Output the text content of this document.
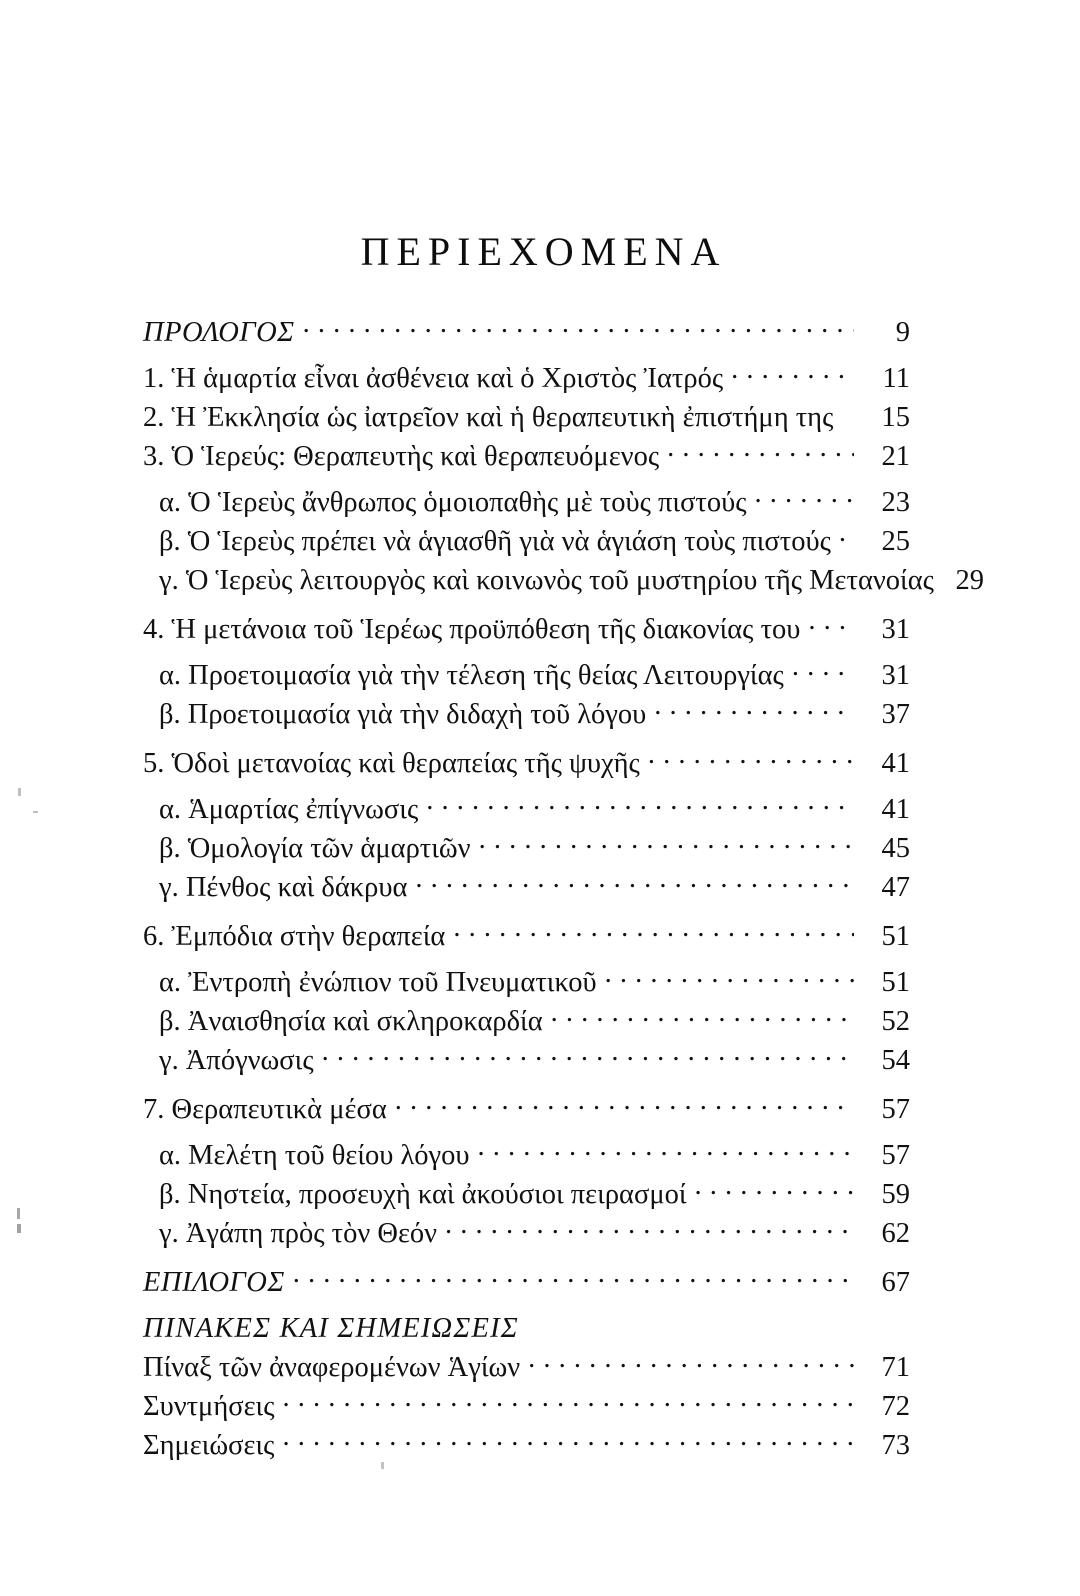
ΠΕΡΙΕΧΟΜΕΝΑ
ΠΡΟΛΟΓΟΣ . . .	9
1. Ἡ ἁμαρτία εἶναι ἀσθένεια καὶ ὁ Χριστὸς Ἰατρός . . .	11
2. Ἡ Ἐκκλησία ὡς ἰατρεῖον καὶ ἡ θεραπευτικὴ ἐπιστήμη της	15
3. Ὁ Ἱερεύς: Θεραπευτὴς καὶ θεραπευόμενος . . .	21
α. Ὁ Ἱερεὺς ἄνθρωπος ὁμοιοπαθὴς μὲ τοὺς πιστούς . . .	23
β. Ὁ Ἱερεὺς πρέπει νὰ ἁγιασθῆ γιὰ νὰ ἁγιάση τοὺς πιστούς . . .	25
γ. Ὁ Ἱερεὺς λειτουργὸς καὶ κοινωνὸς τοῦ μυστηρίου τῆς Μετανοίας 29
4. Ἡ μετάνοια τοῦ Ἱερέως προϋπόθεση τῆς διακονίας του . . .	31
α. Προετοιμασία γιὰ τὴν τέλεση τῆς θείας Λειτουργίας . . .	31
β. Προετοιμασία γιὰ τὴν διδαχὴ τοῦ λόγου . . .	37
5. Ὁδοὶ μετανοίας καὶ θεραπείας τῆς ψυχῆς . . .	41
α. Ἁμαρτίας ἐπίγνωσις . . .	41
β. Ὁμολογία τῶν ἁμαρτιῶν . . .	45
γ. Πένθος καὶ δάκρυα . . .	47
6. Ἐμπόδια στὴν θεραπεία . . .	51
α. Ἐντροπὴ ἐνώπιον τοῦ Πνευματικοῦ . . .	51
β. Ἀναισθησία καὶ σκληροκαρδία . . .	52
γ. Ἀπόγνωσις . . .	54
7. Θεραπευτικὰ μέσα . . .	57
α. Μελέτη τοῦ θείου λόγου . . .	57
β. Νηστεία, προσευχὴ καὶ ἀκούσιοι πειρασμοί . . .	59
γ. Ἀγάπη πρὸς τὸν Θεόν . . .	62
ΕΠΙΛΟΓΟΣ . . .	67
ΠΙΝΑΚΕΣ ΚΑΙ ΣΗΜΕΙΩΣΕΙΣ
Πίναξ τῶν ἀναφερομένων Ἁγίων . . .	71
Συντμήσεις . . .	72
Σημειώσεις . . .	73
